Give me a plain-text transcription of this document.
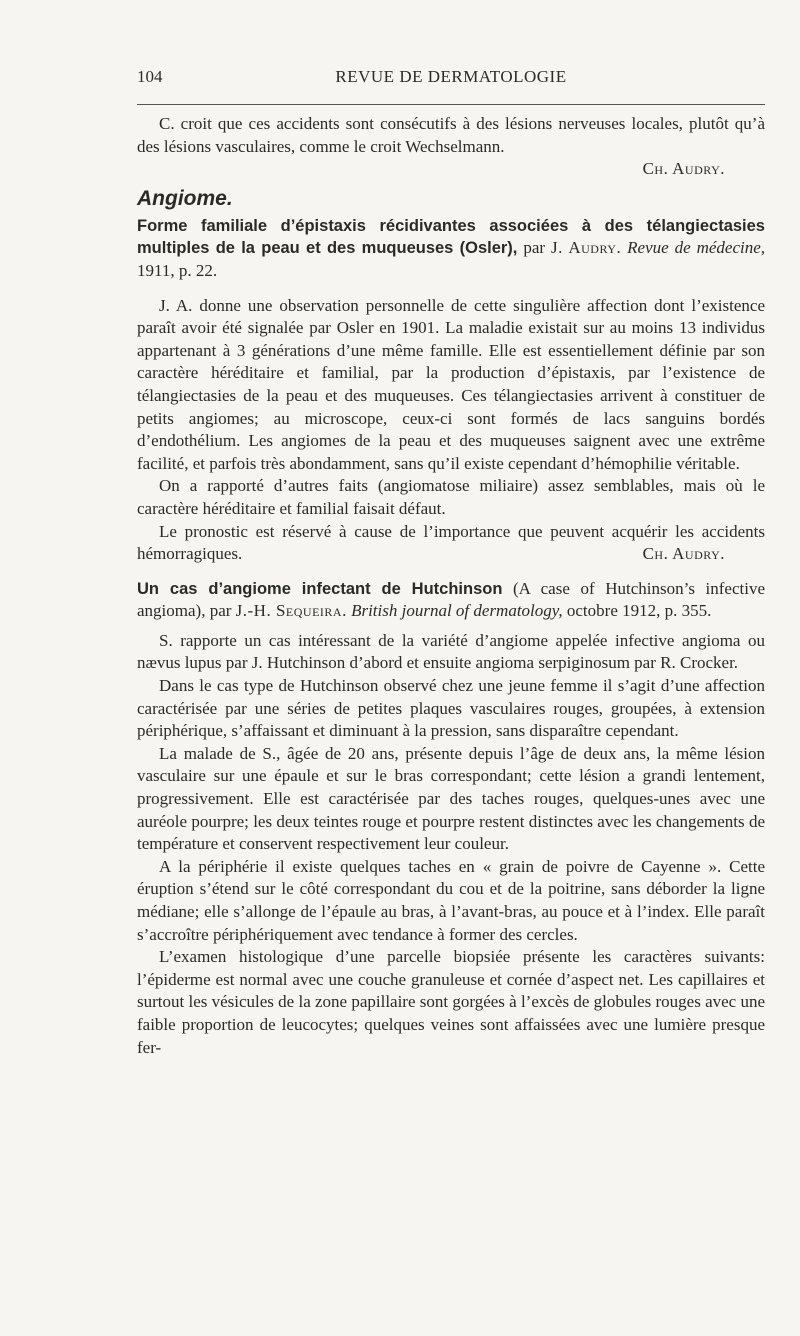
104	REVUE DE DERMATOLOGIE

C. croit que ces accidents sont consécutifs à des lésions nerveuses locales, plutôt qu’à des lésions vasculaires, comme le croit Wechselmann.

Ch. Audry.

Angiome.

Forme familiale d’épistaxis récidivantes associées à des télangiectasies multiples de la peau et des muqueuses (Osler), par J. Audry. Revue de médecine, 1911, p. 22.

J. A. donne une observation personnelle de cette singulière affection dont l’existence paraît avoir été signalée par Osler en 1901. La maladie existait sur au moins 13 individus appartenant à 3 générations d’une même famille. Elle est essentiellement définie par son caractère héréditaire et familial, par la production d’épistaxis, par l’existence de télangiectasies de la peau et des muqueuses. Ces télangiectasies arrivent à constituer de petits angiomes; au microscope, ceux-ci sont formés de lacs sanguins bordés d’endothélium. Les angiomes de la peau et des muqueuses saignent avec une extrême facilité, et parfois très abondamment, sans qu’il existe cependant d’hémophilie véritable.

On a rapporté d’autres faits (angiomatose miliaire) assez semblables, mais où le caractère héréditaire et familial faisait défaut.

Le pronostic est réservé à cause de l’importance que peuvent acquérir les accidents hémorragiques.	Ch. Audry.

Un cas d’angiome infectant de Hutchinson (A case of Hutchinson’s infective angioma), par J.-H. Sequeira. British journal of dermatology, octobre 1912, p. 355.

S. rapporte un cas intéressant de la variété d’angiome appelée infective angioma ou nævus lupus par J. Hutchinson d’abord et ensuite angioma serpiginosum par R. Crocker.

Dans le cas type de Hutchinson observé chez une jeune femme il s’agit d’une affection caractérisée par une séries de petites plaques vasculaires rouges, groupées, à extension périphérique, s’affaissant et diminuant à la pression, sans disparaître cependant.

La malade de S., âgée de 20 ans, présente depuis l’âge de deux ans, la même lésion vasculaire sur une épaule et sur le bras correspondant; cette lésion a grandi lentement, progressivement. Elle est caractérisée par des taches rouges, quelques-unes avec une auréole pourpre; les deux teintes rouge et pourpre restent distinctes avec les changements de température et conservent respectivement leur couleur.

A la périphérie il existe quelques taches en « grain de poivre de Cayenne ». Cette éruption s’étend sur le côté correspondant du cou et de la poitrine, sans déborder la ligne médiane; elle s’allonge de l’épaule au bras, à l’avant-bras, au pouce et à l’index. Elle paraît s’accroître périphériquement avec tendance à former des cercles.

L’examen histologique d’une parcelle biopsiée présente les caractères suivants: l’épiderme est normal avec une couche granuleuse et cornée d’aspect net. Les capillaires et surtout les vésicules de la zone papillaire sont gorgées à l’excès de globules rouges avec une faible proportion de leucocytes; quelques veines sont affaissées avec une lumière presque fer-
